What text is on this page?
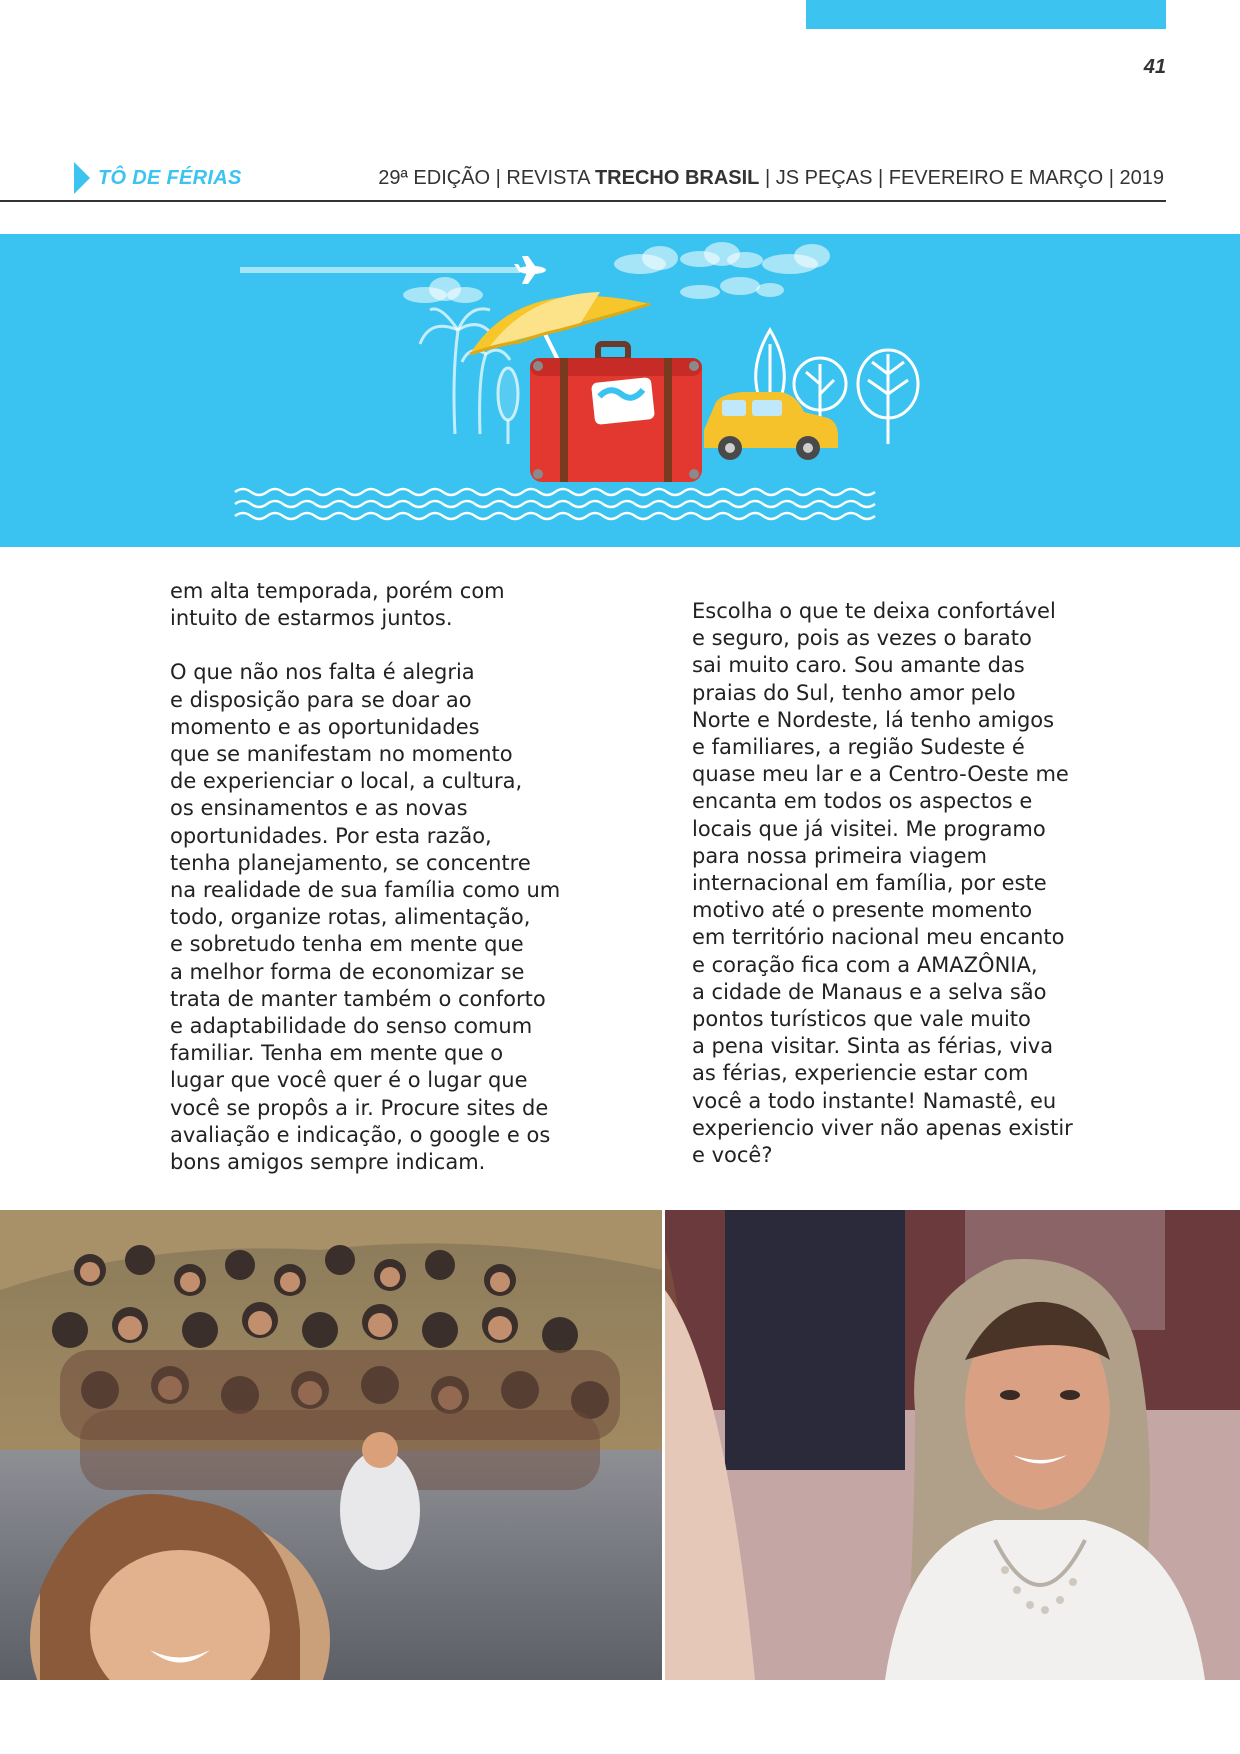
41
TÔ DE FÉRIAS	29ª EDIÇÃO | REVISTA TRECHO BRASIL | JS PEÇAS | FEVEREIRO E MARÇO | 2019

em alta temporada, porém com
intuito de estarmos juntos.

O que não nos falta é alegria
e disposição para se doar ao
momento e as oportunidades
que se manifestam no momento
de experienciar o local, a cultura,
os ensinamentos e as novas
oportunidades. Por esta razão,
tenha planejamento, se concentre
na realidade de sua família como um
todo, organize rotas, alimentação,
e sobretudo tenha em mente que
a melhor forma de economizar se
trata de manter também o conforto
e adaptabilidade do senso comum
familiar. Tenha em mente que o
lugar que você quer é o lugar que
você se propôs a ir. Procure sites de
avaliação e indicação, o google e os
bons amigos sempre indicam.

Escolha o que te deixa confortável
e seguro, pois as vezes o barato
sai muito caro. Sou amante das
praias do Sul, tenho amor pelo
Norte e Nordeste, lá tenho amigos
e familiares, a região Sudeste é
quase meu lar e a Centro-Oeste me
encanta em todos os aspectos e
locais que já visitei. Me programo
para nossa primeira viagem
internacional em família, por este
motivo até o presente momento
em território nacional meu encanto
e coração fica com a AMAZÔNIA,
a cidade de Manaus e a selva são
pontos turísticos que vale muito
a pena visitar. Sinta as férias, viva
as férias, experiencie estar com
você a todo instante! Namastê, eu
experiencio viver não apenas existir
e você?
